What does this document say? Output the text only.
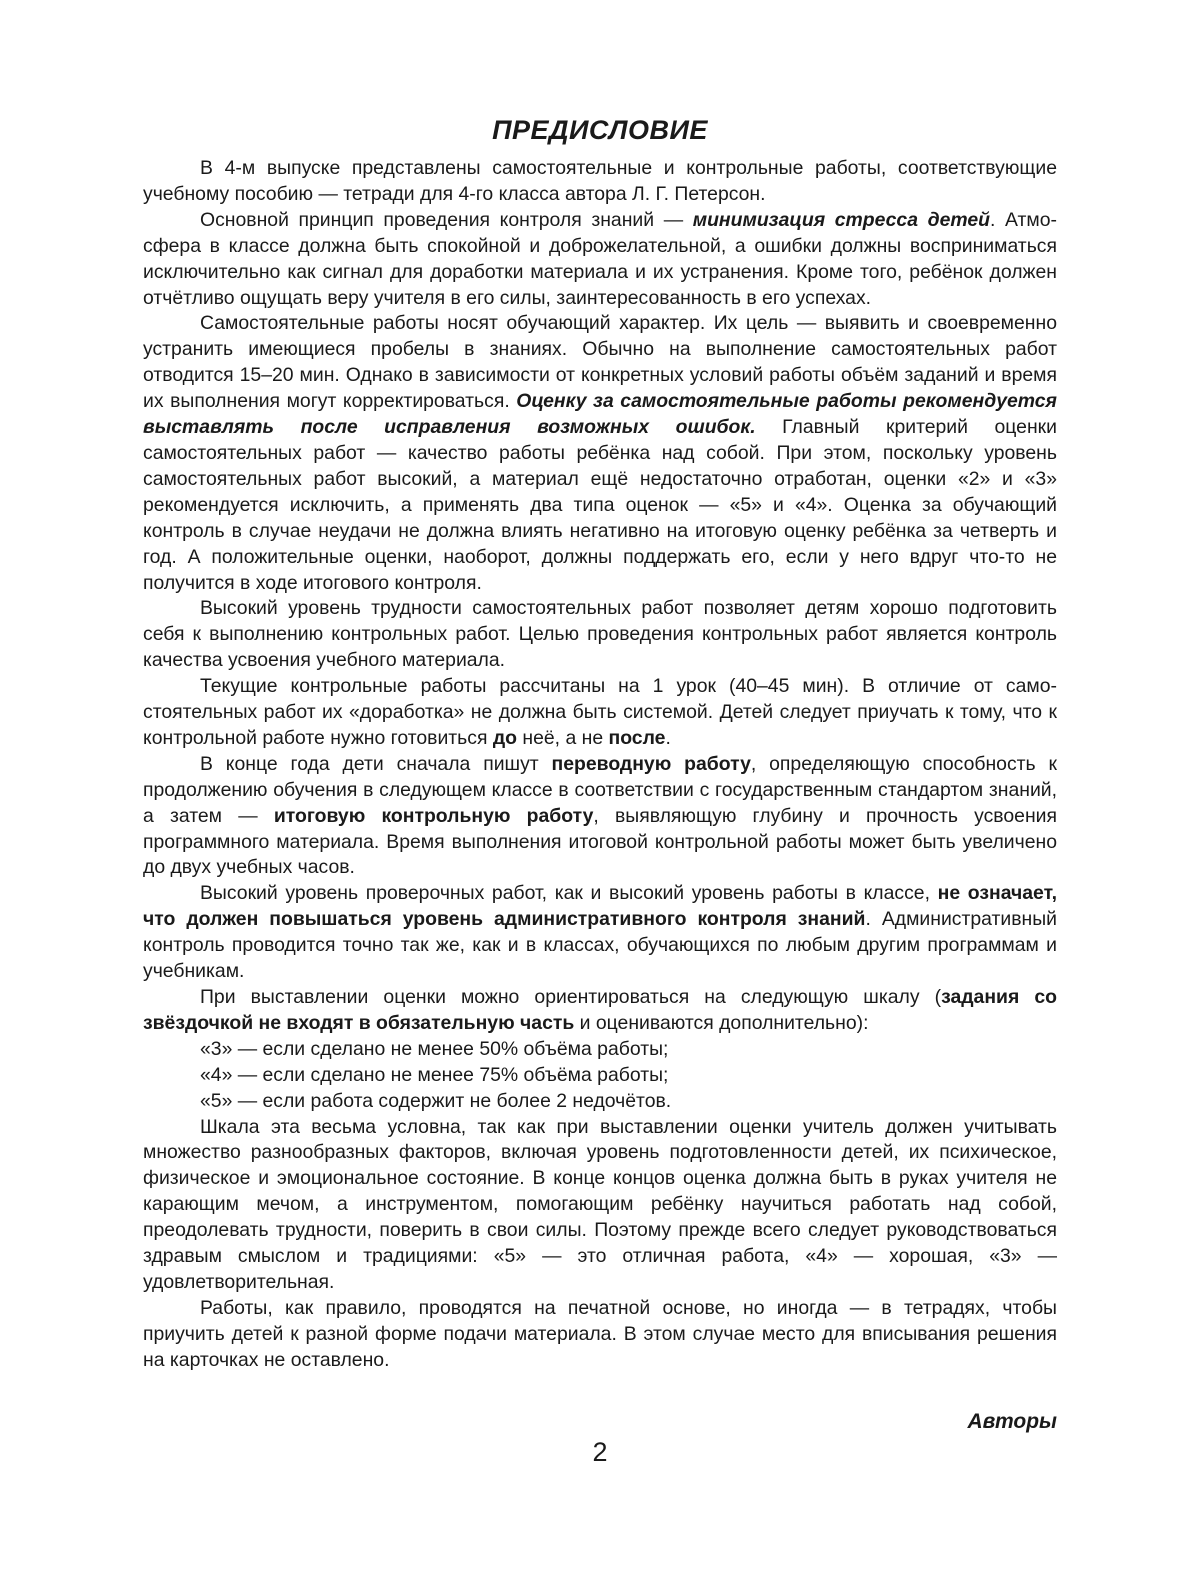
ПРЕДИСЛОВИЕ

В 4-м выпуске представлены самостоятельные и контрольные работы, соответствующие учебному пособию — тетради для 4-го класса автора Л. Г. Петерсон.

Основной принцип проведения контроля знаний — минимизация стресса детей. Атмосфера в классе должна быть спокойной и доброжелательной, а ошибки должны восприниматься исключительно как сигнал для доработки материала и их устранения. Кроме того, ребёнок должен отчётливо ощущать веру учителя в его силы, заинтересованность в его успехах.

Самостоятельные работы носят обучающий характер. Их цель — выявить и своевременно устранить имеющиеся пробелы в знаниях. Обычно на выполнение самостоятельных работ отводится 15–20 мин. Однако в зависимости от конкретных условий работы объём заданий и время их выполнения могут корректироваться. Оценку за самостоятельные работы рекомендуется выставлять после исправления возможных ошибок. Главный критерий оценки самостоятельных работ — качество работы ребёнка над собой. При этом, поскольку уровень самостоятельных работ высокий, а материал ещё недостаточно отработан, оценки «2» и «3» рекомендуется исключить, а применять два типа оценок — «5» и «4». Оценка за обучающий контроль в случае неудачи не должна влиять негативно на итоговую оценку ребёнка за четверть и год. А положительные оценки, наоборот, должны поддержать его, если у него вдруг что-то не получится в ходе итогового контроля.

Высокий уровень трудности самостоятельных работ позволяет детям хорошо подготовить себя к выполнению контрольных работ. Целью проведения контрольных работ является контроль качества усвоения учебного материала.

Текущие контрольные работы рассчитаны на 1 урок (40–45 мин). В отличие от самостоятельных работ их «доработка» не должна быть системой. Детей следует приучать к тому, что к контрольной работе нужно готовиться до неё, а не после.

В конце года дети сначала пишут переводную работу, определяющую способность к продолжению обучения в следующем классе в соответствии с государственным стандартом знаний, а затем — итоговую контрольную работу, выявляющую глубину и прочность усвоения программного материала. Время выполнения итоговой контрольной работы может быть увеличено до двух учебных часов.

Высокий уровень проверочных работ, как и высокий уровень работы в классе, не означает, что должен повышаться уровень административного контроля знаний. Административный контроль проводится точно так же, как и в классах, обучающихся по любым другим программам и учебникам.

При выставлении оценки можно ориентироваться на следующую шкалу (задания со звёздочкой не входят в обязательную часть и оцениваются дополнительно):

«3» — если сделано не менее 50% объёма работы;
«4» — если сделано не менее 75% объёма работы;
«5» — если работа содержит не более 2 недочётов.

Шкала эта весьма условна, так как при выставлении оценки учитель должен учитывать множество разнообразных факторов, включая уровень подготовленности детей, их психическое, физическое и эмоциональное состояние. В конце концов оценка должна быть в руках учителя не карающим мечом, а инструментом, помогающим ребёнку научиться работать над собой, преодолевать трудности, поверить в свои силы. Поэтому прежде всего следует руководствоваться здравым смыслом и традициями: «5» — это отличная работа, «4» — хорошая, «3» — удовлетворительная.

Работы, как правило, проводятся на печатной основе, но иногда — в тетрадях, чтобы приучить детей к разной форме подачи материала. В этом случае место для вписывания решения на карточках не оставлено.

Авторы
2
